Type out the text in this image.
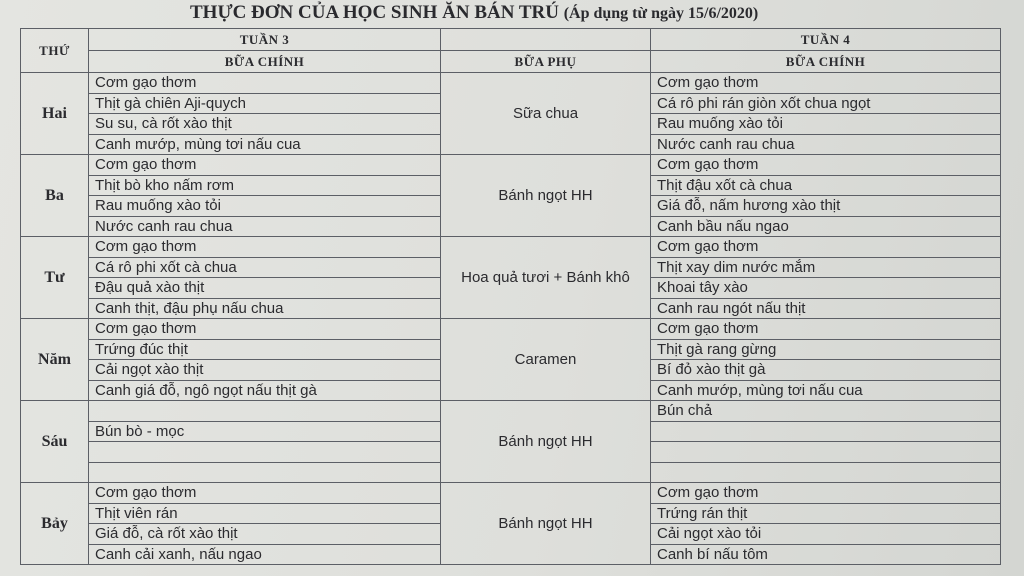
THỰC ĐƠN CỦA HỌC SINH ĂN BÁN TRÚ (Áp dụng từ ngày 15/6/2020)
THỨ	TUẦN 3		TUẦN 4
	BỮA CHÍNH	BỮA PHỤ	BỮA CHÍNH
Hai	Cơm gạo thơm	Sữa chua	Cơm gạo thơm
	Thịt gà chiên Aji-quych		Cá rô phi rán giòn xốt chua ngọt
	Su su, cà rốt xào thịt		Rau muống xào tỏi
	Canh mướp, mùng tơi nấu cua		Nước canh rau chua
Ba	Cơm gạo thơm	Bánh ngọt HH	Cơm gạo thơm
	Thịt bò kho nấm rơm		Thịt đậu xốt cà chua
	Rau muống xào tỏi		Giá đỗ, nấm hương xào thịt
	Nước canh rau chua		Canh bầu nấu ngao
Tư	Cơm gạo thơm	Hoa quả tươi + Bánh khô	Cơm gạo thơm
	Cá rô phi xốt cà chua		Thịt xay dim nước mắm
	Đậu quả xào thịt		Khoai tây xào
	Canh thịt, đậu phụ nấu chua		Canh rau ngót nấu thịt
Năm	Cơm gạo thơm	Caramen	Cơm gạo thơm
	Trứng đúc thịt		Thịt gà rang gừng
	Cải ngọt xào thịt		Bí đỏ xào thịt gà
	Canh giá đỗ, ngô ngọt nấu thịt gà		Canh mướp, mùng tơi nấu cua
Sáu		Bánh ngọt HH	Bún chả
	Bún bò - mọc		

Bảy	Cơm gạo thơm	Bánh ngọt HH	Cơm gạo thơm
	Thịt viên rán		Trứng rán thịt
	Giá đỗ, cà rốt xào thịt		Cải ngọt xào tỏi
	Canh cải xanh, nấu ngao		Canh bí nấu tôm
